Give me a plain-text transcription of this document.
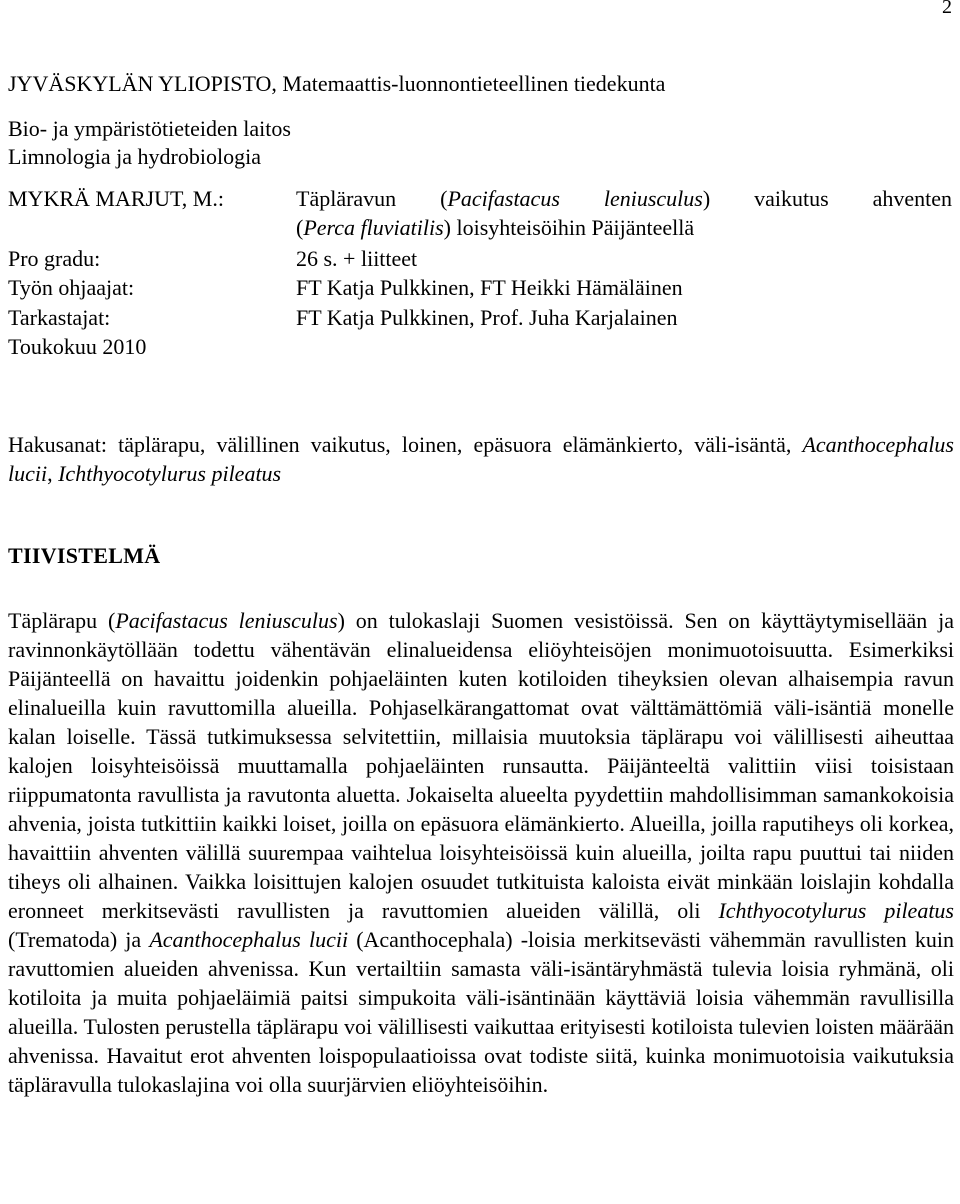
2
JYVÄSKYLÄN YLIOPISTO, Matemaattis-luonnontieteellinen tiedekunta
Bio- ja ympäristötieteiden laitos
Limnologia ja hydrobiologia
MYKRÄ MARJUT, M.:	Täpläravun (Pacifastacus leniusculus) vaikutus ahventen
(Perca fluviatilis) loisyhteisöihin Päijänteellä
Pro gradu:	26 s. + liitteet
Työn ohjaajat:	FT Katja Pulkkinen, FT Heikki Hämäläinen
Tarkastajat:	FT Katja Pulkkinen, Prof. Juha Karjalainen
Toukokuu 2010
Hakusanat: täplärapu, välillinen vaikutus, loinen, epäsuora elämänkierto, väli-isäntä, Acanthocephalus lucii, Ichthyocotylurus pileatus
TIIVISTELMÄ

Täplärapu (Pacifastacus leniusculus) on tulokaslaji Suomen vesistöissä. Sen on käyttäytymisellään ja ravinnonkäytöllään todettu vähentävän elinalueidensa eliöyhteisöjen monimuotoisuutta. Esimerkiksi Päijänteellä on havaittu joidenkin pohjaeläinten kuten kotiloiden tiheyksien olevan alhaisempia ravun elinalueilla kuin ravuttomilla alueilla. Pohjaselkärangattomat ovat välttämättömiä väli-isäntiä monelle kalan loiselle. Tässä tutkimuksessa selvitettiin, millaisia muutoksia täplärapu voi välillisesti aiheuttaa kalojen loisyhteisöissä muuttamalla pohjaeläinten runsautta. Päijänteeltä valittiin viisi toisistaan riippumatonta ravullista ja ravutonta aluetta. Jokaiselta alueelta pyydettiin mahdollisimman samankokoisia ahvenia, joista tutkittiin kaikki loiset, joilla on epäsuora elämänkierto. Alueilla, joilla raputiheys oli korkea, havaittiin ahventen välillä suurempaa vaihtelua loisyhteisöissä kuin alueilla, joilta rapu puuttui tai niiden tiheys oli alhainen. Vaikka loisittujen kalojen osuudet tutkituista kaloista eivät minkään loislajin kohdalla eronneet merkitsevästi ravullisten ja ravuttomien alueiden välillä, oli Ichthyocotylurus pileatus (Trematoda) ja Acanthocephalus lucii (Acanthocephala) -loisia merkitsevästi vähemmän ravullisten kuin ravuttomien alueiden ahvenissa. Kun vertailtiin samasta väli-isäntäryhmästä tulevia loisia ryhmänä, oli kotiloita ja muita pohjaeläimiä paitsi simpukoita väli-isäntinään käyttäviä loisia vähemmän ravullisilla alueilla. Tulosten perustella täplärapu voi välillisesti vaikuttaa erityisesti kotiloista tulevien loisten määrään ahvenissa. Havaitut erot ahventen loispopulaatioissa ovat todiste siitä, kuinka monimuotoisia vaikutuksia täpläravulla tulokaslajina voi olla suurjärvien eliöyhteisöihin.
